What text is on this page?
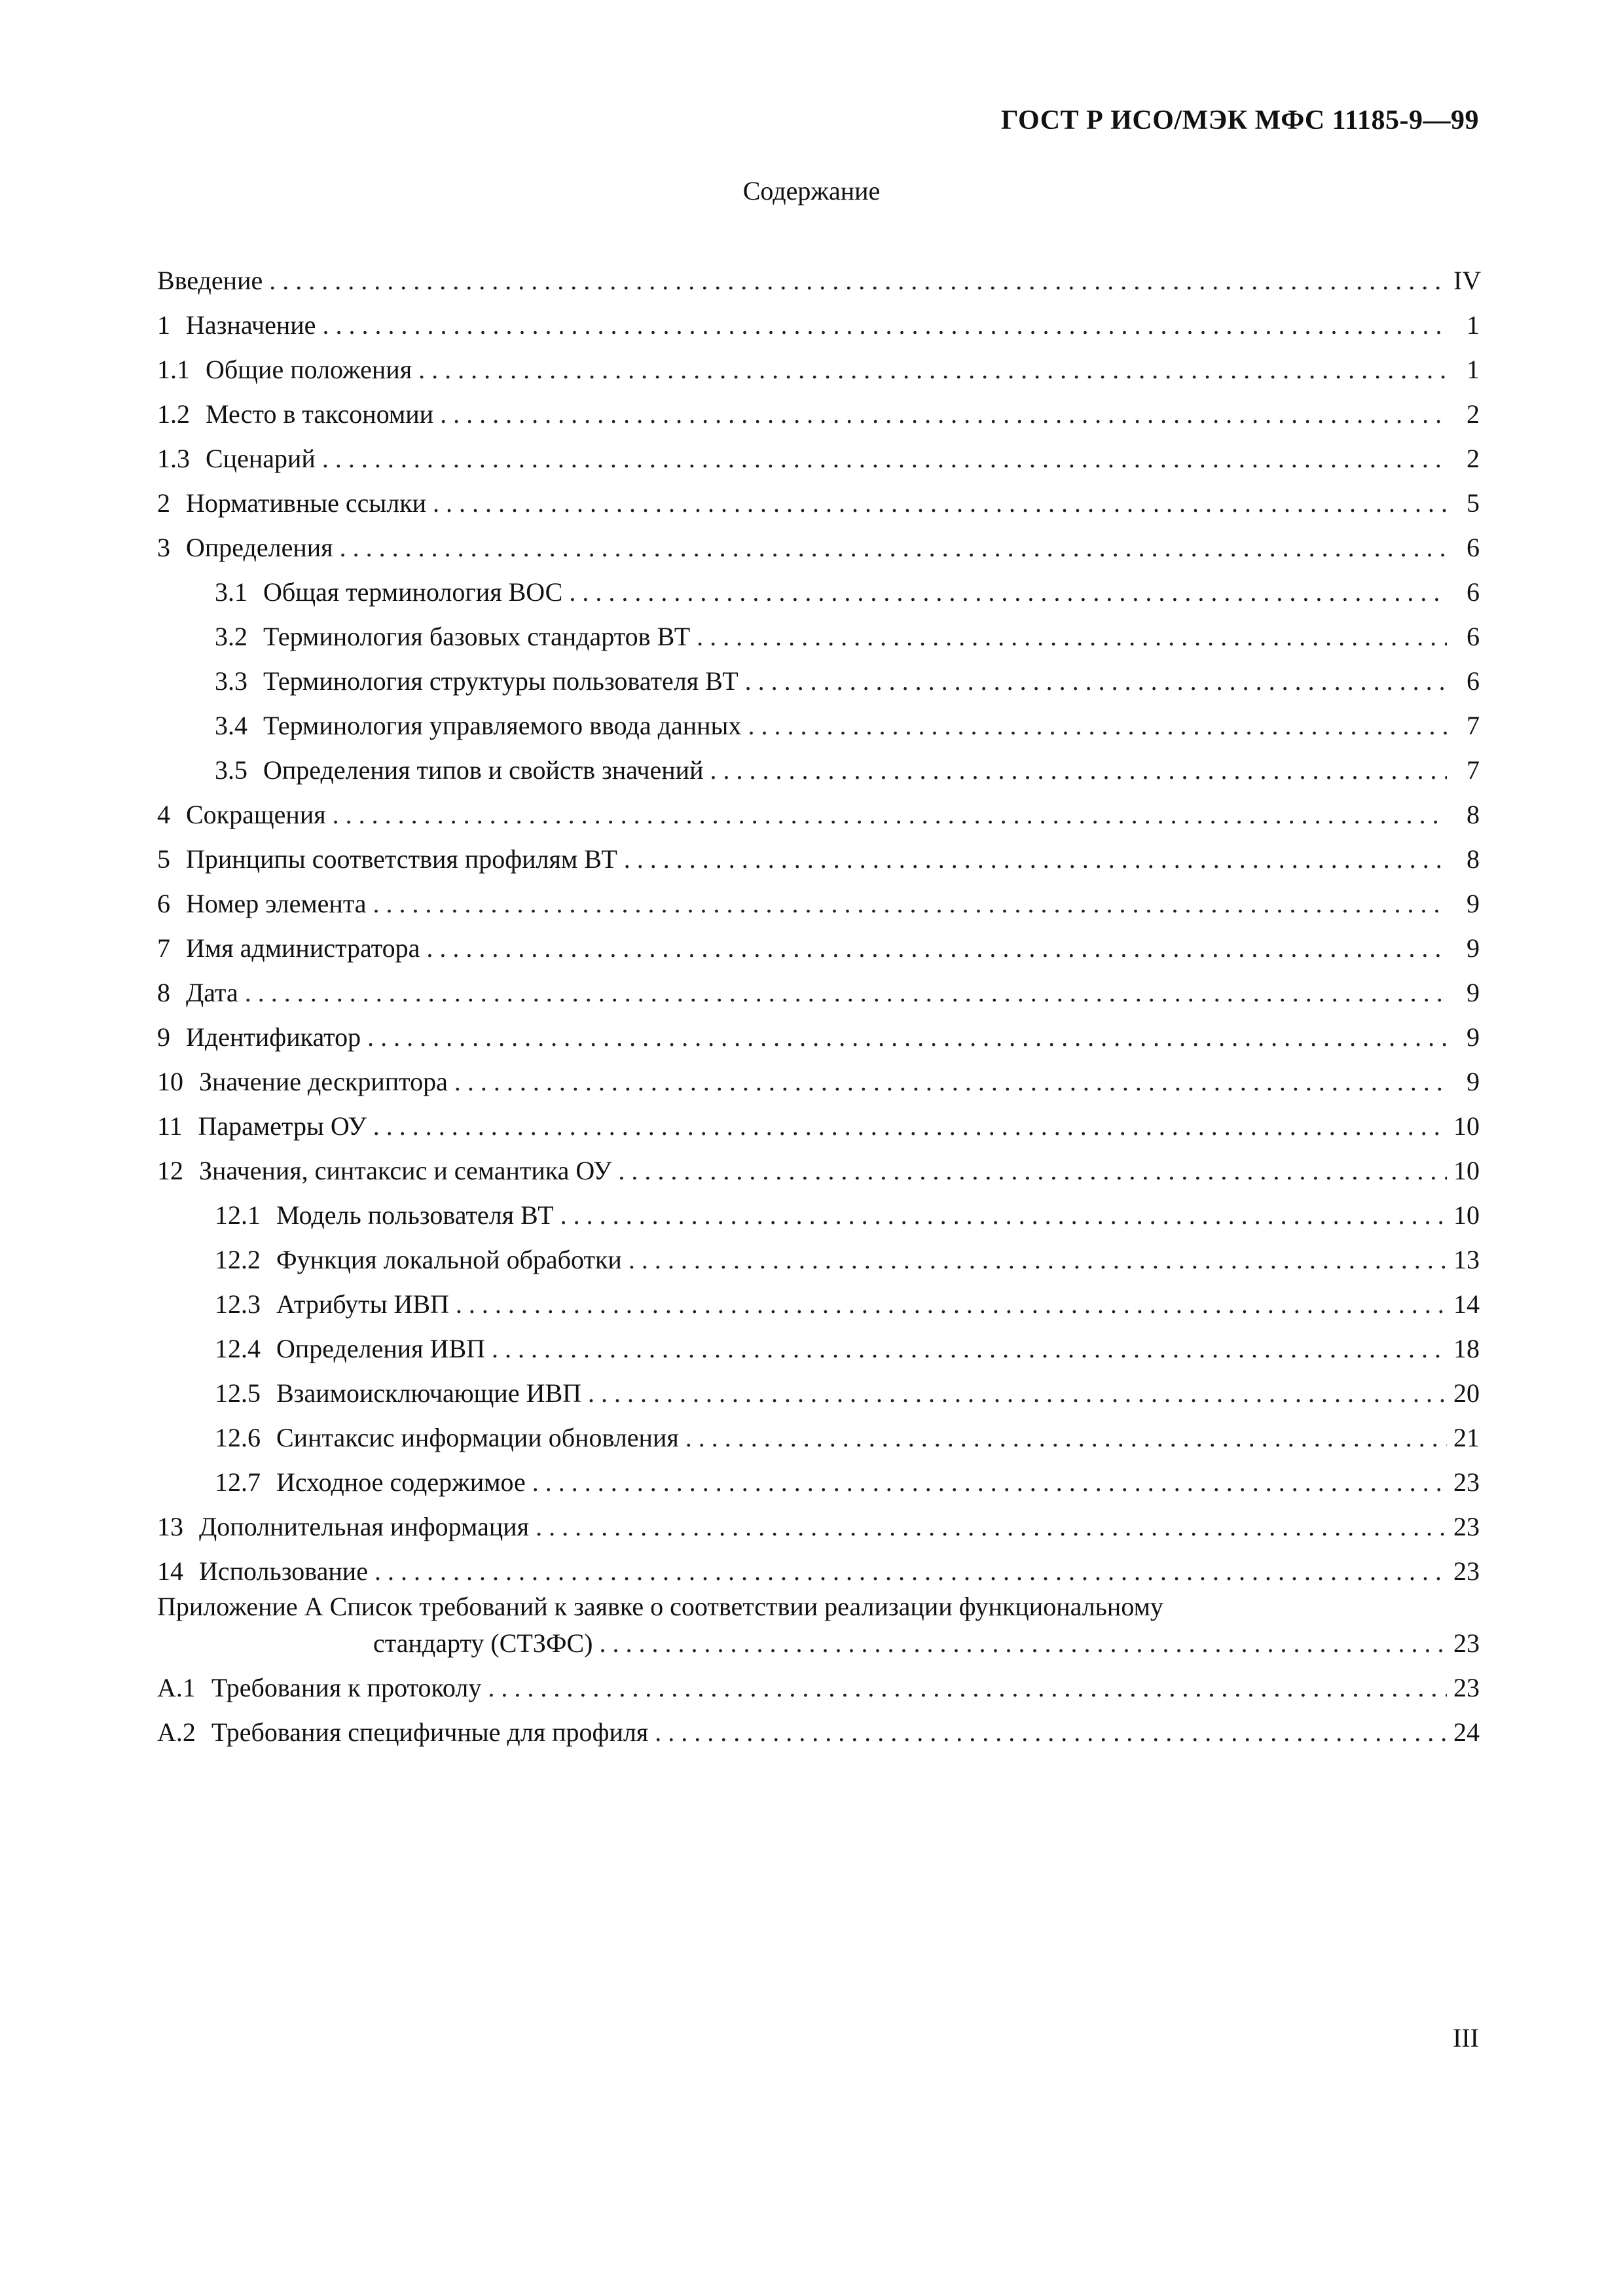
ГОСТ Р ИСО/МЭК МФС 11185-9—99
Содержание
Введение . . .	IV
1 Назначение . . .	1
1.1 Общие положения . . .	1
1.2 Место в таксономии . . .	2
1.3 Сценарий . . .	2
2 Нормативные ссылки . . .	5
3 Определения . . .	6
3.1 Общая терминология ВОС . . .	6
3.2 Терминология базовых стандартов ВТ . . .	6
3.3 Терминология структуры пользователя ВТ . . .	6
3.4 Терминология управляемого ввода данных . . .	7
3.5 Определения типов и свойств значений . . .	7
4 Сокращения . . .	8
5 Принципы соответствия профилям ВТ . . .	8
6 Номер элемента . . .	9
7 Имя администратора . . .	9
8 Дата . . .	9
9 Идентификатор . . .	9
10 Значение дескриптора . . .	9
11 Параметры ОУ . . .	10
12 Значения, синтаксис и семантика ОУ . . .	10
12.1 Модель пользователя ВТ . . .	10
12.2 Функция локальной обработки . . .	13
12.3 Атрибуты ИВП . . .	14
12.4 Определения ИВП . . .	18
12.5 Взаимоисключающие ИВП . . .	20
12.6 Синтаксис информации обновления . . .	21
12.7 Исходное содержимое . . .	23
13 Дополнительная информация . . .	23
14 Использование . . .	23
Приложение А Список требований к заявке о соответствии реализации функциональному
стандарту (СТЗФС) . . .	23
А.1 Требования к протоколу . . .	23
А.2 Требования специфичные для профиля . . .	24
III
